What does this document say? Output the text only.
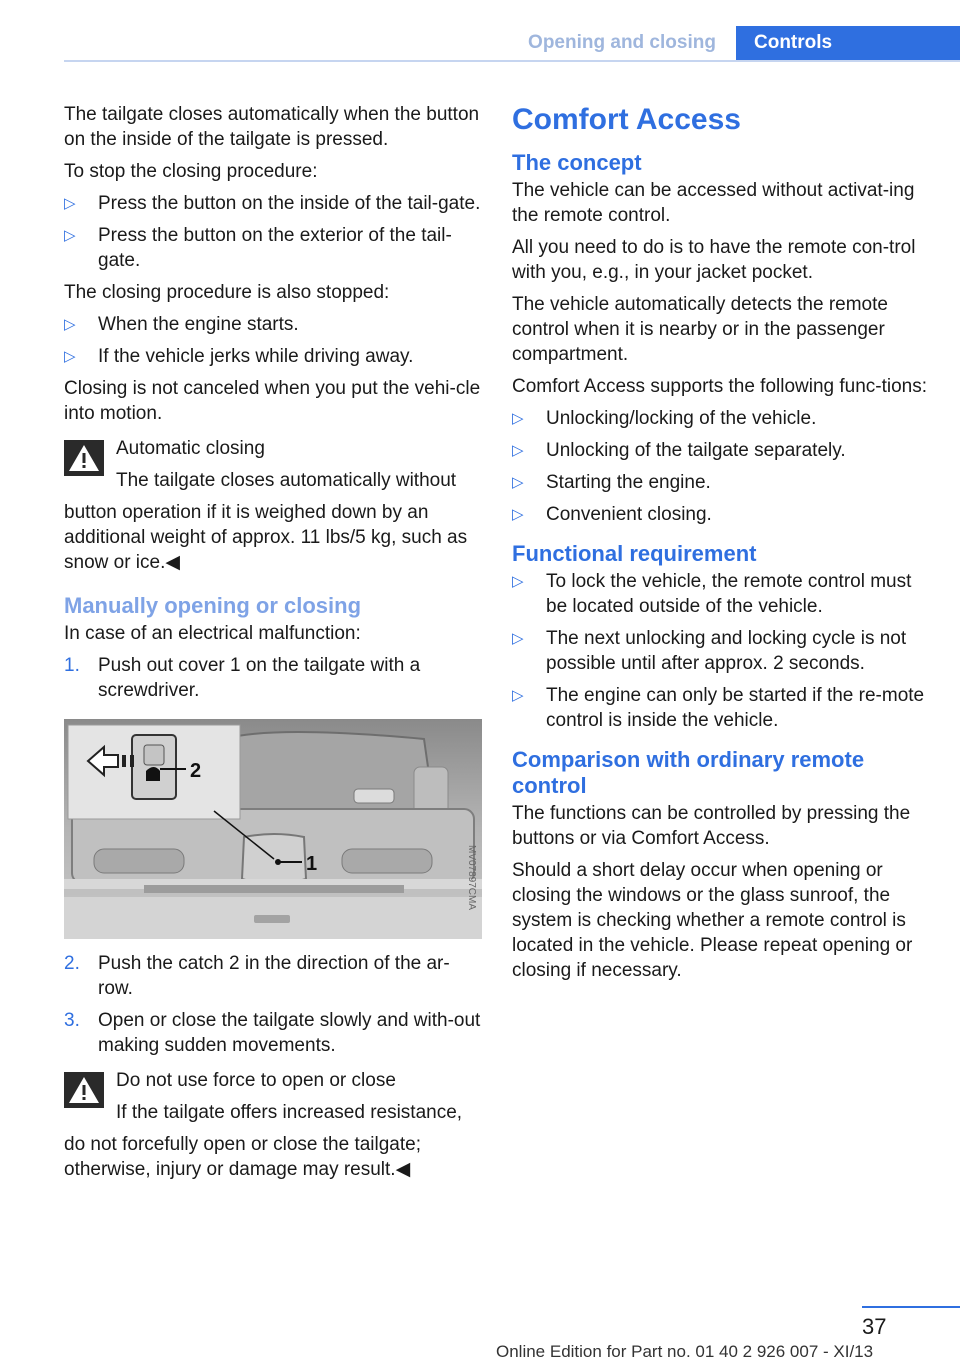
Opening and closing	Controls

The tailgate closes automatically when the button on the inside of the tailgate is pressed.

To stop the closing procedure:

▷	Press the button on the inside of the tail‐gate.
▷	Press the button on the exterior of the tail‐gate.

The closing procedure is also stopped:

▷	When the engine starts.
▷	If the vehicle jerks while driving away.

Closing is not canceled when you put the vehi‐cle into motion.

Automatic closing

The tailgate closes automatically without

button operation if it is weighed down by an additional weight of approx. 11 lbs/5 kg, such as snow or ice.◀

Manually opening or closing

In case of an electrical malfunction:

1. Push out cover 1 on the tailgate with a screwdriver.
2
1	MV07897CMA
2. Push the catch 2 in the direction of the ar‐row.
3. Open or close the tailgate slowly and with‐out making sudden movements.

Do not use force to open or close

If the tailgate offers increased resistance,

do not forcefully open or close the tailgate; otherwise, injury or damage may result.◀

Comfort Access
The concept

The vehicle can be accessed without activat‐ing the remote control.

All you need to do is to have the remote con‐trol with you, e.g., in your jacket pocket.

The vehicle automatically detects the remote control when it is nearby or in the passenger compartment.

Comfort Access supports the following func‐tions:

▷	Unlocking/locking of the vehicle.
▷	Unlocking of the tailgate separately.
▷	Starting the engine.
▷	Convenient closing.
Functional requirement
▷	To lock the vehicle, the remote control must be located outside of the vehicle.
▷	The next unlocking and locking cycle is not possible until after approx. 2 seconds.
▷	The engine can only be started if the re‐mote control is inside the vehicle.
Comparison with ordinary remote control

The functions can be controlled by pressing the buttons or via Comfort Access.

Should a short delay occur when opening or closing the windows or the glass sunroof, the system is checking whether a remote control is located in the vehicle. Please repeat opening or closing if necessary.

37
Online Edition for Part no. 01 40 2 926 007 - XI/13
